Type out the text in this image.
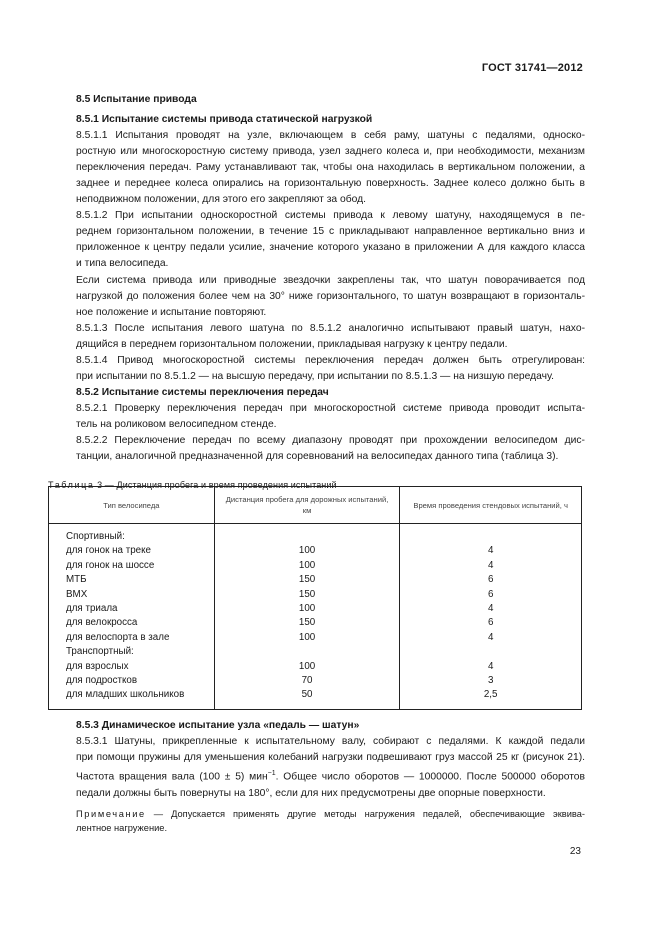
ГОСТ 31741—2012

8.5 Испытание привода

8.5.1 Испытание системы привода статической нагрузкой

8.5.1.1 Испытания проводят на узле, включающем в себя раму, шатуны с педалями, односко-
ростную или многоскоростную систему привода, узел заднего колеса и, при необходимости, механизм
переключения передач. Раму устанавливают так, чтобы она находилась в вертикальном положении, а
заднее и переднее колеса опирались на горизонтальную поверхность. Заднее колесо должно быть в
неподвижном положении, для этого его закрепляют за обод.
8.5.1.2 При испытании односкоростной системы привода к левому шатуну, находящемуся в пе-
реднем горизонтальном положении, в течение 15 с прикладывают направленное вертикально вниз и
приложенное к центру педали усилие, значение которого указано в приложении А для каждого класса
и типа велосипеда.
Если система привода или приводные звездочки закреплены так, что шатун поворачивается под
нагрузкой до положения более чем на 30° ниже горизонтального, то шатун возвращают в горизонталь-
ное положение и испытание повторяют.
8.5.1.3 После испытания левого шатуна по 8.5.1.2 аналогично испытывают правый шатун, нахо-
дящийся в переднем горизонтальном положении, прикладывая нагрузку к центру педали.
8.5.1.4 Привод многоскоростной системы переключения передач должен быть отрегулирован:
при испытании по 8.5.1.2 — на высшую передачу, при испытании по 8.5.1.3 — на низшую передачу.

8.5.2 Испытание системы переключения передач

8.5.2.1 Проверку переключения передач при многоскоростной системе привода проводит испыта-
тель на роликовом велосипедном стенде.
8.5.2.2 Переключение передач по всему диапазону проводят при прохождении велосипедом дис-
танции, аналогичной предназначенной для соревнований на велосипедах данного типа (таблица 3).
Таблица 3 — Дистанция пробега и время проведения испытаний
Тип велосипеда	Дистанция пробега для дорожных испытаний, км	Время проведения стендовых испытаний, ч
Спортивный:		
для гонок на треке	100	4
для гонок на шоссе	100	4
МТБ	150	6
BMX	150	6
для триала	100	4
для велокросса	150	6
для велоспорта в зале	100	4
Транспортный:		
для взрослых	100	4
для подростков	70	3
для младших школьников	50	2,5

8.5.3 Динамическое испытание узла «педаль — шатун»

8.5.3.1 Шатуны, прикрепленные к испытательному валу, собирают с педалями. К каждой педали
при помощи пружины для уменьшения колебаний нагрузки подвешивают груз массой 25 кг (рисунок 21).
Частота вращения вала (100 ± 5) мин$^{-1}$. Общее число оборотов — 1000000. После 500000 оборотов
педали должны быть повернуты на 180°, если для них предусмотрены две опорные поверхности.
Примечание — Допускается применять другие методы нагружения педалей, обеспечивающие эквива-
лентное нагружение.
23
